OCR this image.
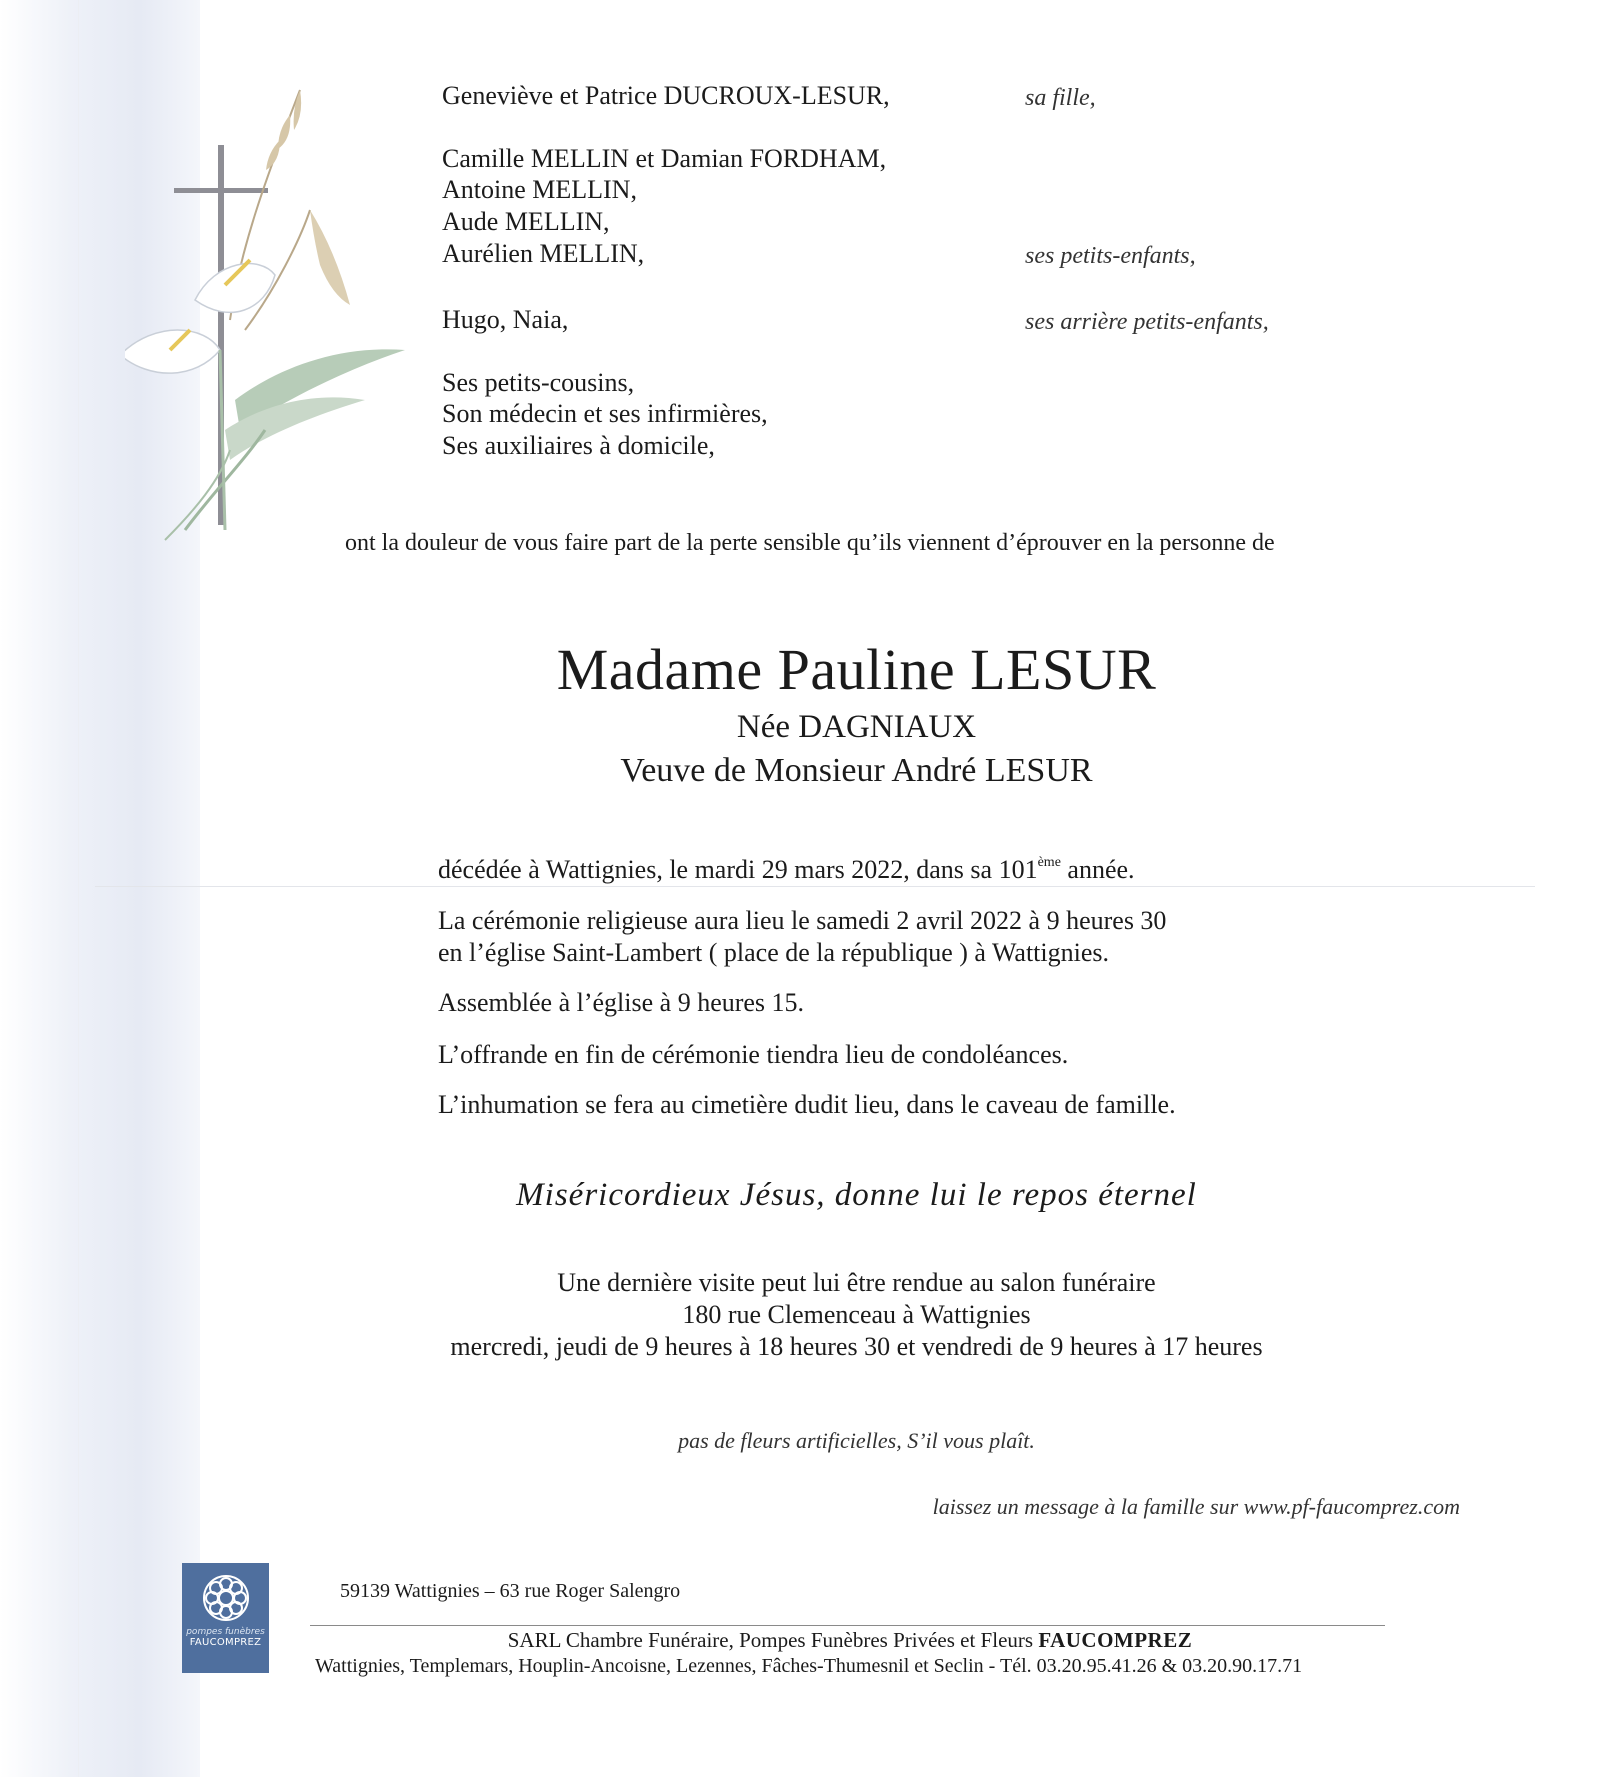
Geneviève et Patrice DUCROUX-LESUR,	sa fille,
Camille MELLIN et Damian FORDHAM,
Antoine MELLIN,
Aude MELLIN,
Aurélien MELLIN,	ses petits-enfants,
Hugo, Naia,	ses arrière petits-enfants,
Ses petits-cousins,
Son médecin et ses infirmières,
Ses auxiliaires à domicile,
ont la douleur de vous faire part de la perte sensible qu’ils viennent d’éprouver en la personne de
Madame Pauline LESUR
Née DAGNIAUX
Veuve de Monsieur André LESUR
décédée à Wattignies, le mardi 29 mars 2022, dans sa 101ème année.
La cérémonie religieuse aura lieu le samedi 2 avril 2022 à 9 heures 30
en l’église Saint-Lambert ( place de la république ) à Wattignies.
Assemblée à l’église à 9 heures 15.
L’offrande en fin de cérémonie tiendra lieu de condoléances.
L’inhumation se fera au cimetière dudit lieu, dans le caveau de famille.
Miséricordieux Jésus, donne lui le repos éternel
Une dernière visite peut lui être rendue au salon funéraire
180 rue Clemenceau à Wattignies
mercredi, jeudi de 9 heures à 18 heures 30 et vendredi de 9 heures à 17 heures
pas de fleurs artificielles, S’il vous plaît.
laissez un message à la famille sur www.pf-faucomprez.com
pompes funèbres
FAUCOMPREZ
59139 Wattignies – 63 rue Roger Salengro
SARL Chambre Funéraire, Pompes Funèbres Privées et Fleurs FAUCOMPREZ
Wattignies, Templemars, Houplin-Ancoisne, Lezennes, Fâches-Thumesnil et Seclin - Tél. 03.20.95.41.26 & 03.20.90.17.71
